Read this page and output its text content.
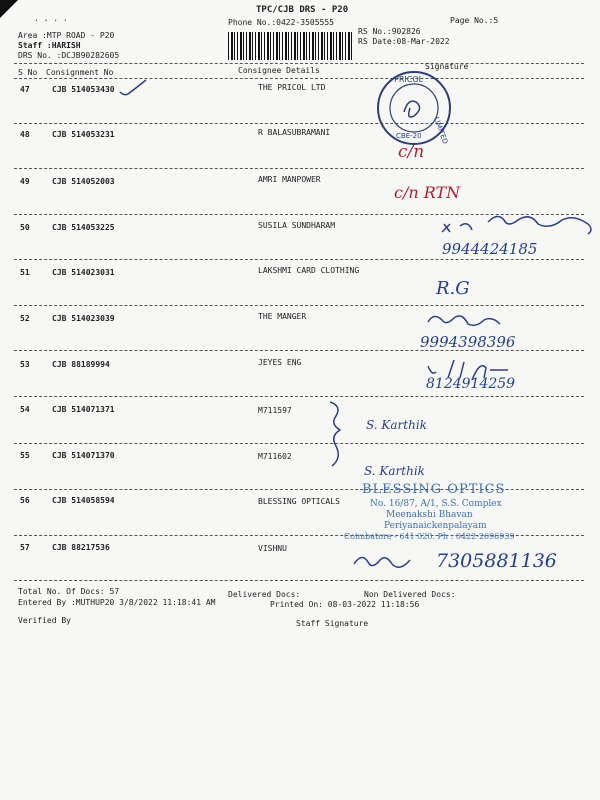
. . . .
TPC/CJB DRS - P20
Phone No.:0422-3505555	Page No.:5
Area :MTP ROAD - P20
Staff :HARISH
DRS No. :DCJB90282605
RS No.:902826
RS Date:08-Mar-2022
S No Consignment No	Consignee Details	Signature
47	CJB 514053430	THE PRICOL LTD
48	CJB 514053231	R BALASUBRAMANI
49	CJB 514052003	AMRI MANPOWER
50	CJB 514053225	SUSILA SUNDHARAM
51	CJB 514023031	LAKSHMI CARD CLOTHING
52	CJB 514023039	THE MANGER
53	CJB 88189994	JEYES ENG
54	CJB 514071371	M711597
55	CJB 514071370	M711602
56	CJB 514058594	BLESSING OPTICALS
57	CJB 88217536	VISHNU
PRICOL
LIMITED
CBE-20
c/n
c/n RTN
9944424185
R.G
9994398396
8124914259
S. Karthik
S. Karthik
BLESSING OPTICS
No. 16/87, A/1, S.S. Complex
Meenakshi Bhavan
Periyanaickenpalayam
Coimbatore - 641 020. Ph : 0422-2696939
7305881136
Total No. Of Docs: 57	Delivered Docs:	Non Delivered Docs:
Entered By :MUTHUP20 3/8/2022 11:18:41 AM	Printed On: 08-03-2022 11:18:56
Verified By	Staff Signature
